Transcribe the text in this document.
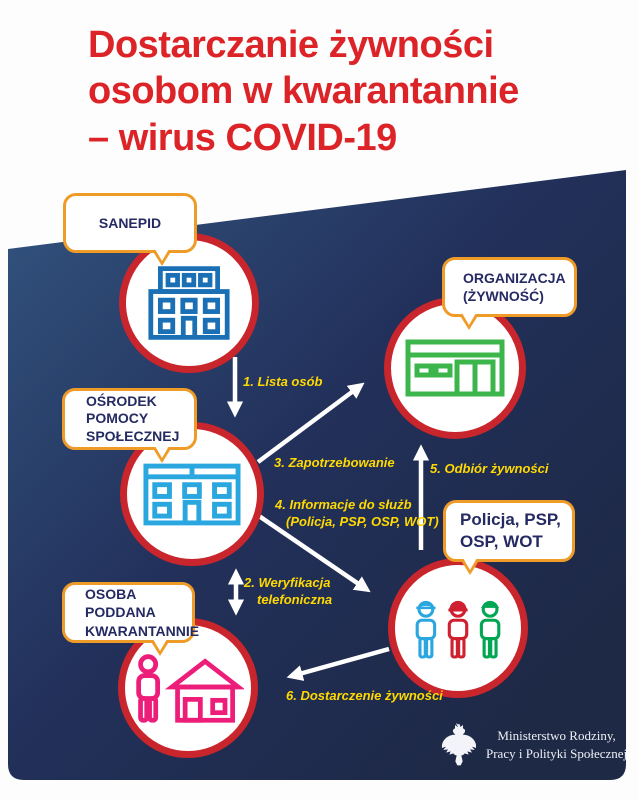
Dostarczanie żywności
osobom w kwarantannie
– wirus COVID-19
SANEPID
ORGANIZACJA
(ŻYWNOŚĆ)
OŚRODEK
POMOCY
SPOŁECZNEJ
Policja, PSP,
OSP, WOT
OSOBA PODDANA
KWARANTANNIE
1. Lista osób
3. Zapotrzebowanie
4. Informacje do służb
(Policja, PSP, OSP, WOT)
2. Weryfikacja
telefoniczna
5. Odbiór żywności
6. Dostarczenie żywności
Ministerstwo Rodziny,
Pracy i Polityki Społecznej
